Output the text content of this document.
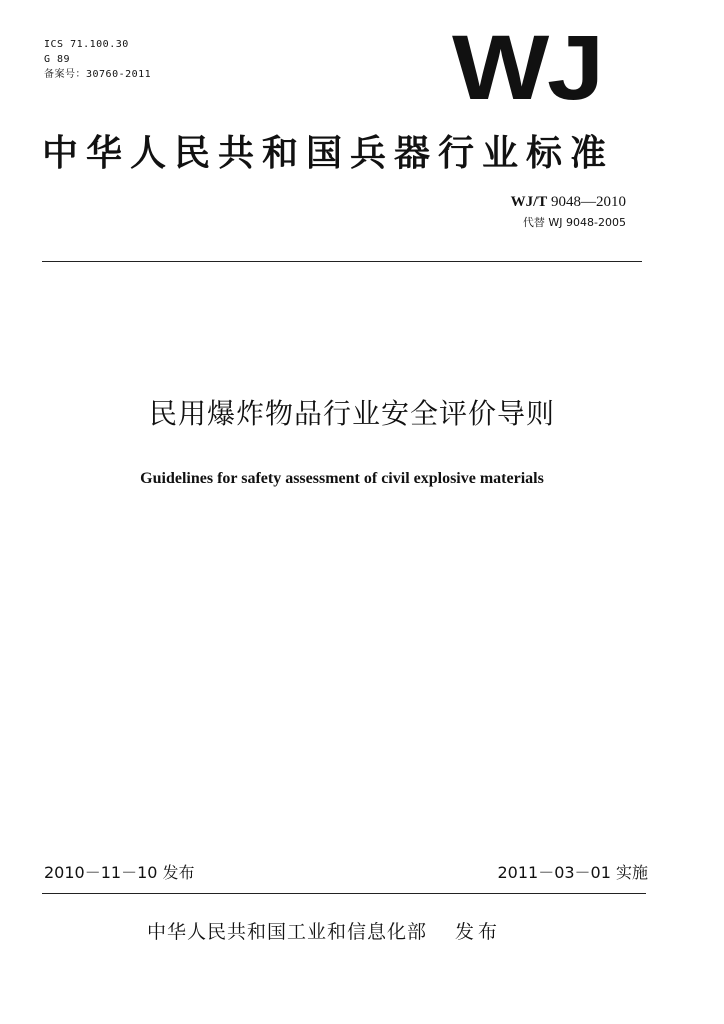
ICS 71.100.30
G 89
备案号：30760-2011	WJ
中华人民共和国兵器行业标准
WJ/T 9048—2010
代替 WJ 9048-2005
民用爆炸物品行业安全评价导则
Guidelines for safety assessment of civil explosive materials
2010－11－10 发布	2011－03－01 实施
中华人民共和国工业和信息化部 发布
